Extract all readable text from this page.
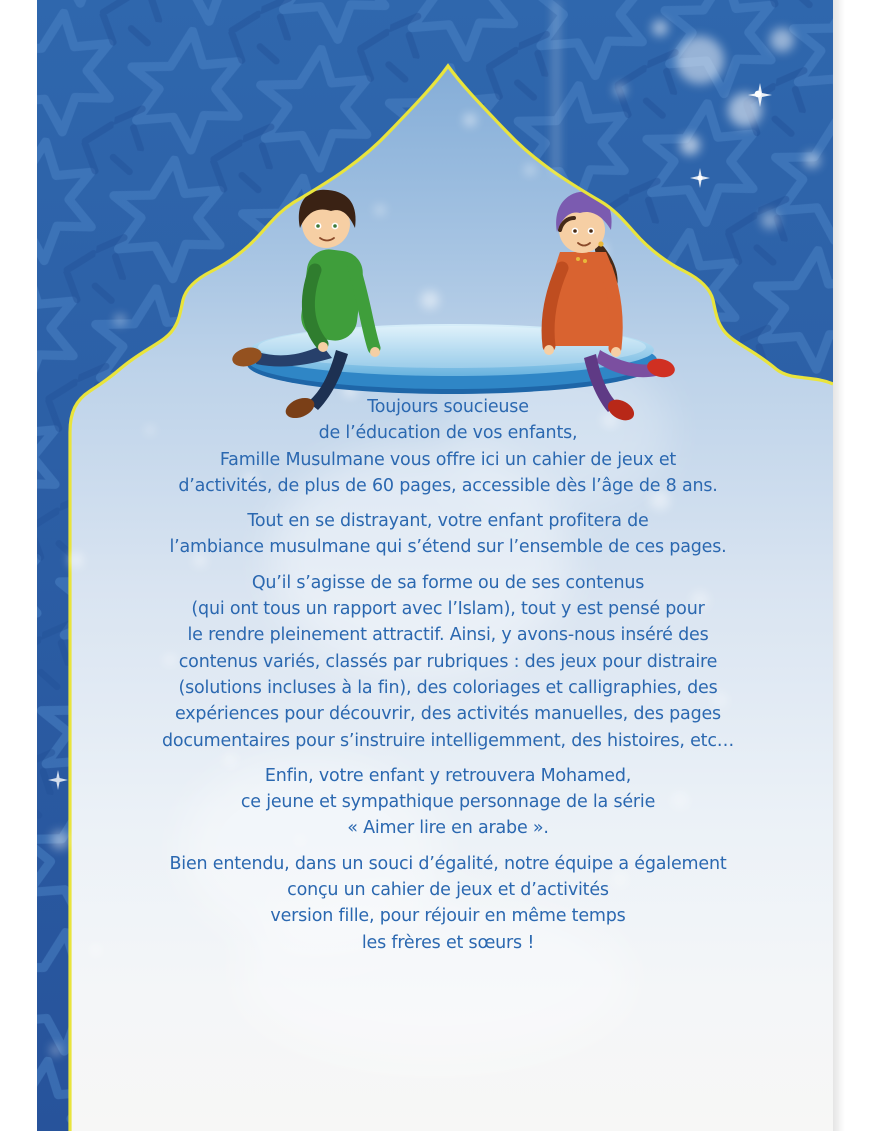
Toujours soucieuse
de l’éducation de vos enfants,
Famille Musulmane vous offre ici un cahier de jeux et
d’activités, de plus de 60 pages, accessible dès l’âge de 8 ans.
Tout en se distrayant, votre enfant profitera de
l’ambiance musulmane qui s’étend sur l’ensemble de ces pages.
Qu’il s’agisse de sa forme ou de ses contenus
(qui ont tous un rapport avec l’Islam), tout y est pensé pour
le rendre pleinement attractif. Ainsi, y avons-nous inséré des
contenus variés, classés par rubriques : des jeux pour distraire
(solutions incluses à la fin), des coloriages et calligraphies, des
expériences pour découvrir, des activités manuelles, des pages
documentaires pour s’instruire intelligemment, des histoires, etc…
Enfin, votre enfant y retrouvera Mohamed,
ce jeune et sympathique personnage de la série
« Aimer lire en arabe ».
Bien entendu, dans un souci d’égalité, notre équipe a également
conçu un cahier de jeux et d’activités
version fille, pour réjouir en même temps
les frères et sœurs !
